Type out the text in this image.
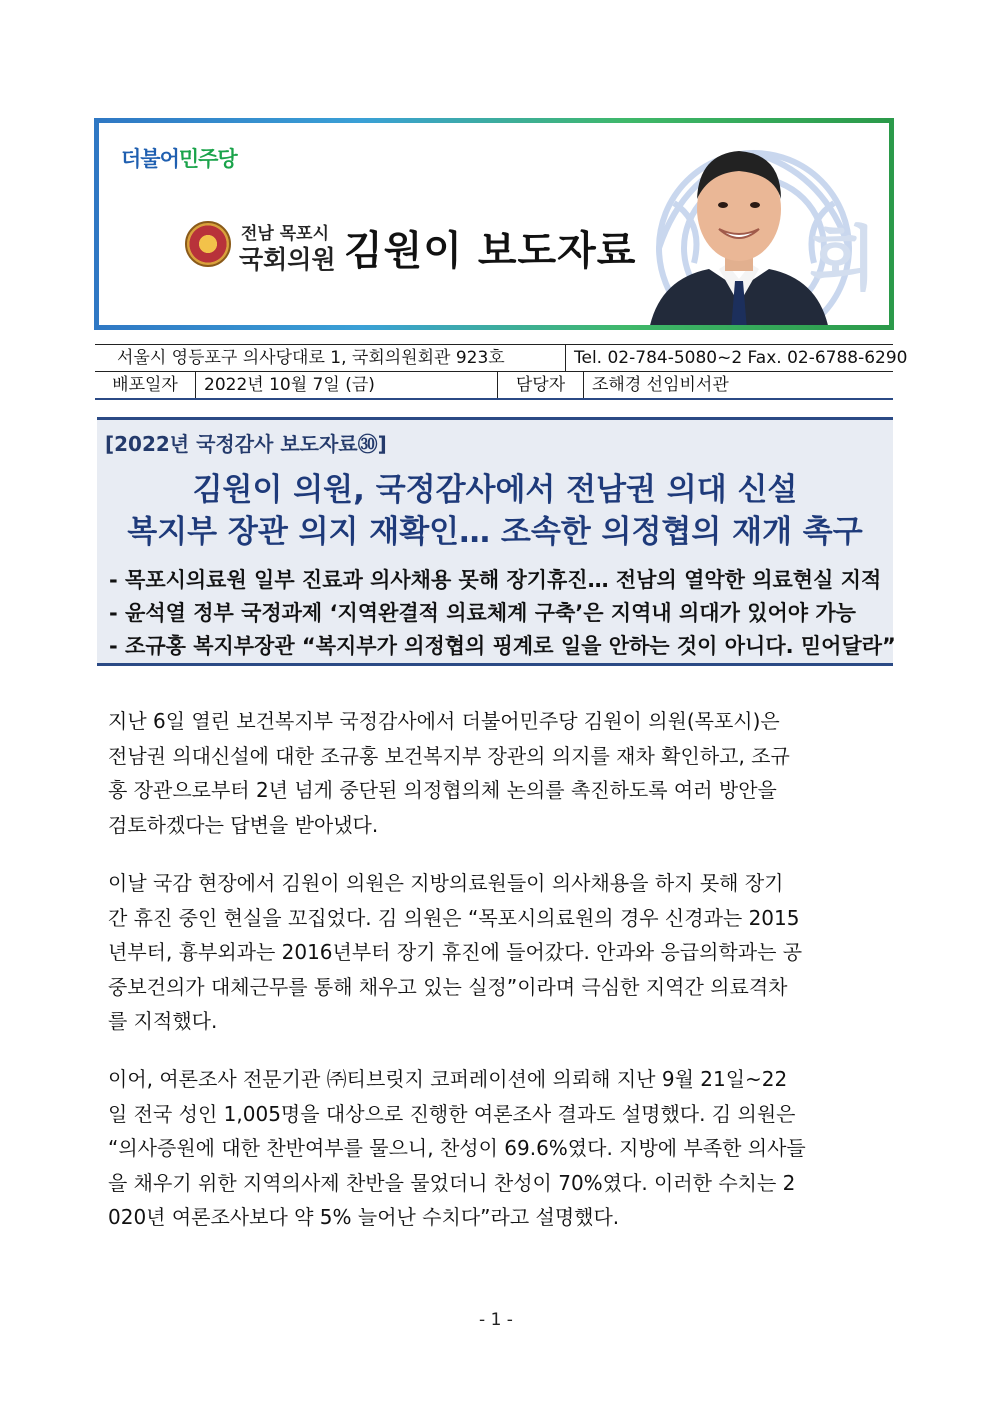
회
더불어민주당
전남 목포시
국회의원 김원이 보도자료
서울시 영등포구 의사당대로 1, 국회의원회관 923호	Tel. 02-784-5080~2 Fax. 02-6788-6290
배포일자	2022년 10월 7일 (금)	담당자	조해경 선임비서관
[2022년 국정감사 보도자료㉚]
김원이 의원, 국정감사에서 전남권 의대 신설
복지부 장관 의지 재확인… 조속한 의정협의 재개 촉구
- 목포시의료원 일부 진료과 의사채용 못해 장기휴진… 전남의 열악한 의료현실 지적
- 윤석열 정부 국정과제 ‘지역완결적 의료체계 구축’은 지역내 의대가 있어야 가능
- 조규홍 복지부장관 “복지부가 의정협의 핑계로 일을 안하는 것이 아니다. 믿어달라”
지난 6일 열린 보건복지부 국정감사에서 더불어민주당 김원이 의원(목포시)은
전남권 의대신설에 대한 조규홍 보건복지부 장관의 의지를 재차 확인하고, 조규
홍 장관으로부터 2년 넘게 중단된 의정협의체 논의를 촉진하도록 여러 방안을
검토하겠다는 답변을 받아냈다.
이날 국감 현장에서 김원이 의원은 지방의료원들이 의사채용을 하지 못해 장기
간 휴진 중인 현실을 꼬집었다. 김 의원은 “목포시의료원의 경우 신경과는 2015
년부터, 흉부외과는 2016년부터 장기 휴진에 들어갔다. 안과와 응급의학과는 공
중보건의가 대체근무를 통해 채우고 있는 실정”이라며 극심한 지역간 의료격차
를 지적했다.
이어, 여론조사 전문기관 ㈜티브릿지 코퍼레이션에 의뢰해 지난 9월 21일~22
일 전국 성인 1,005명을 대상으로 진행한 여론조사 결과도 설명했다. 김 의원은
“의사증원에 대한 찬반여부를 물으니, 찬성이 69.6%였다. 지방에 부족한 의사들
을 채우기 위한 지역의사제 찬반을 물었더니 찬성이 70%였다. 이러한 수치는 2
020년 여론조사보다 약 5% 늘어난 수치다”라고 설명했다.
- 1 -
